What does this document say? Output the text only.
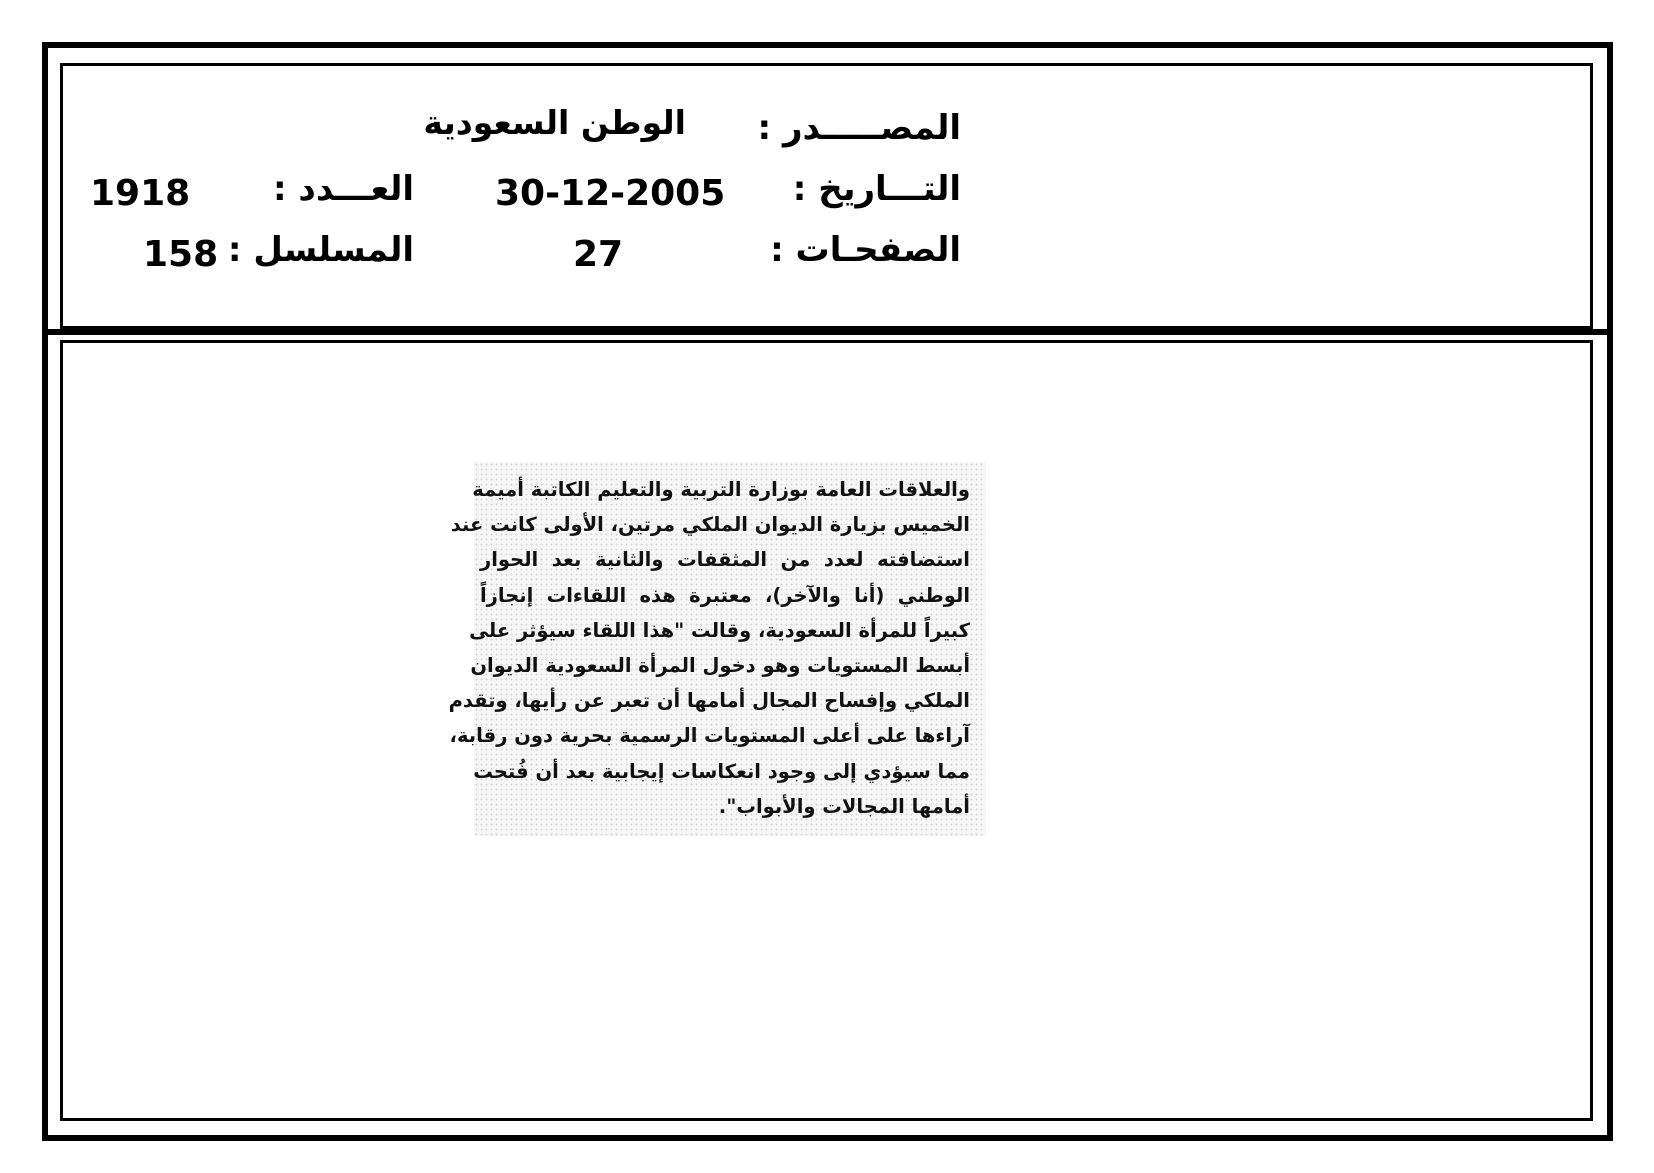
المصـــــدر :
الوطن السعودية
التـــاريخ :
30-12-2005
العـــدد :
1918
الصفحـات :
27
المسلسل :
158
والعلاقات العامة بوزارة التربية والتعليم الكاتبة أميمة
الخميس بزيارة الديوان الملكي مرتين، الأولى كانت عند
استضافته لعدد من المثقفات والثانية بعد الحوار
الوطني (أنا والآخر)، معتبرة هذه اللقاءات إنجازاً
كبيراً للمرأة السعودية، وقالت "هذا اللقاء سيؤثر على
أبسط المستويات وهو دخول المرأة السعودية الديوان
الملكي وإفساح المجال أمامها أن تعبر عن رأيها، وتقدم
آراءها على أعلى المستويات الرسمية بحرية دون رقابة،
مما سيؤدي إلى وجود انعكاسات إيجابية بعد أن فُتحت
أمامها المجالات والأبواب".
